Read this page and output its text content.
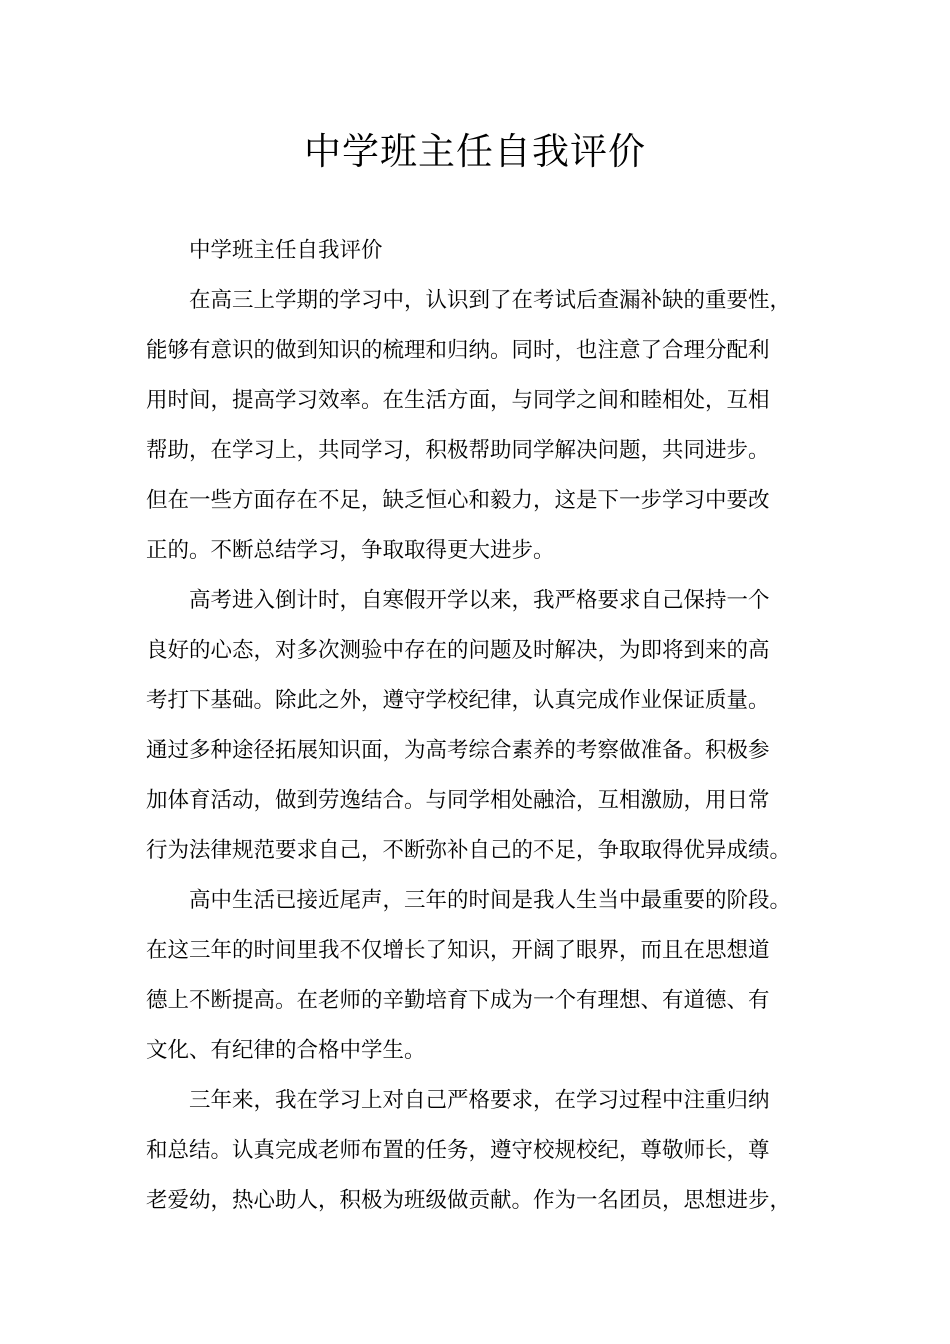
中学班主任自我评价
中学班主任自我评价
在高三上学期的学习中，认识到了在考试后查漏补缺的重要性，
能够有意识的做到知识的梳理和归纳。同时，也注意了合理分配利
用时间，提高学习效率。在生活方面，与同学之间和睦相处，互相
帮助，在学习上，共同学习，积极帮助同学解决问题，共同进步。
但在一些方面存在不足，缺乏恒心和毅力，这是下一步学习中要改
正的。不断总结学习，争取取得更大进步。
高考进入倒计时，自寒假开学以来，我严格要求自己保持一个
良好的心态，对多次测验中存在的问题及时解决，为即将到来的高
考打下基础。除此之外，遵守学校纪律，认真完成作业保证质量。
通过多种途径拓展知识面，为高考综合素养的考察做准备。积极参
加体育活动，做到劳逸结合。与同学相处融洽，互相激励，用日常
行为法律规范要求自己，不断弥补自己的不足，争取取得优异成绩。
高中生活已接近尾声，三年的时间是我人生当中最重要的阶段。
在这三年的时间里我不仅增长了知识，开阔了眼界，而且在思想道
德上不断提高。在老师的辛勤培育下成为一个有理想、有道德、有
文化、有纪律的合格中学生。
三年来，我在学习上对自己严格要求，在学习过程中注重归纳
和总结。认真完成老师布置的任务，遵守校规校纪，尊敬师长，尊
老爱幼，热心助人，积极为班级做贡献。作为一名团员，思想进步，
